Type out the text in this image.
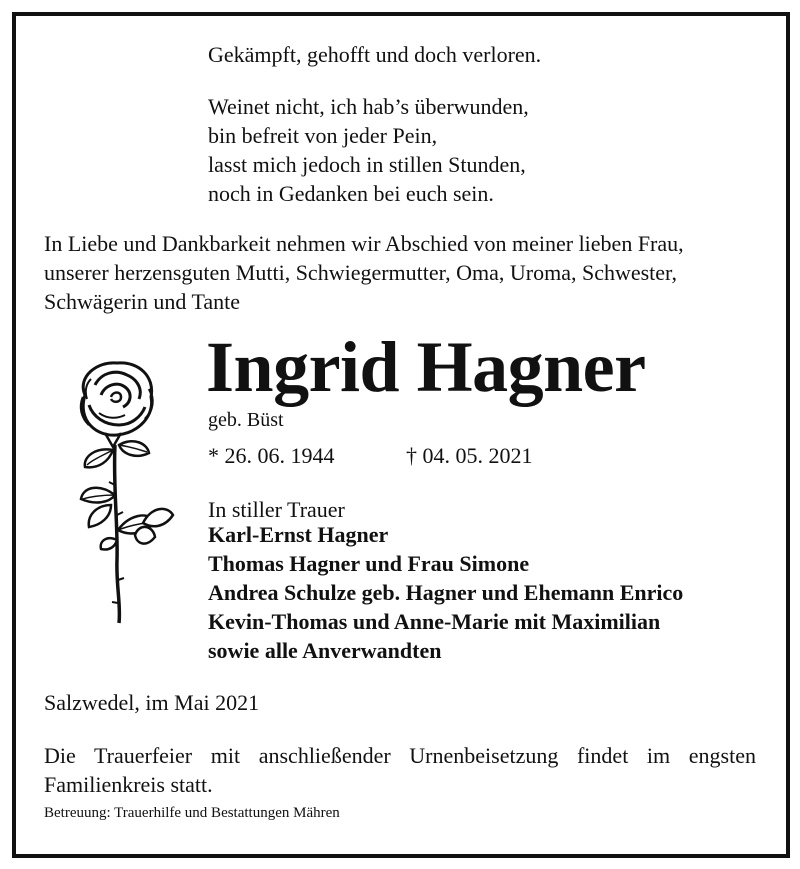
Gekämpft, gehofft und doch verloren.
Weinet nicht, ich hab’s überwunden,
bin befreit von jeder Pein,
lasst mich jedoch in stillen Stunden,
noch in Gedanken bei euch sein.
In Liebe und Dankbarkeit nehmen wir Abschied von meiner lieben Frau,
unserer herzensguten Mutti, Schwiegermutter, Oma, Uroma, Schwester,
Schwägerin und Tante
Ingrid Hagner
geb. Büst
* 26. 06. 1944	† 04. 05. 2021
In stiller Trauer
Karl-Ernst Hagner
Thomas Hagner und Frau Simone
Andrea Schulze geb. Hagner und Ehemann Enrico
Kevin-Thomas und Anne-Marie mit Maximilian
sowie alle Anverwandten
Salzwedel, im Mai 2021
Die Trauerfeier mit anschließender Urnenbeisetzung findet im engsten Familienkreis statt.
Betreuung: Trauerhilfe und Bestattungen Mähren
